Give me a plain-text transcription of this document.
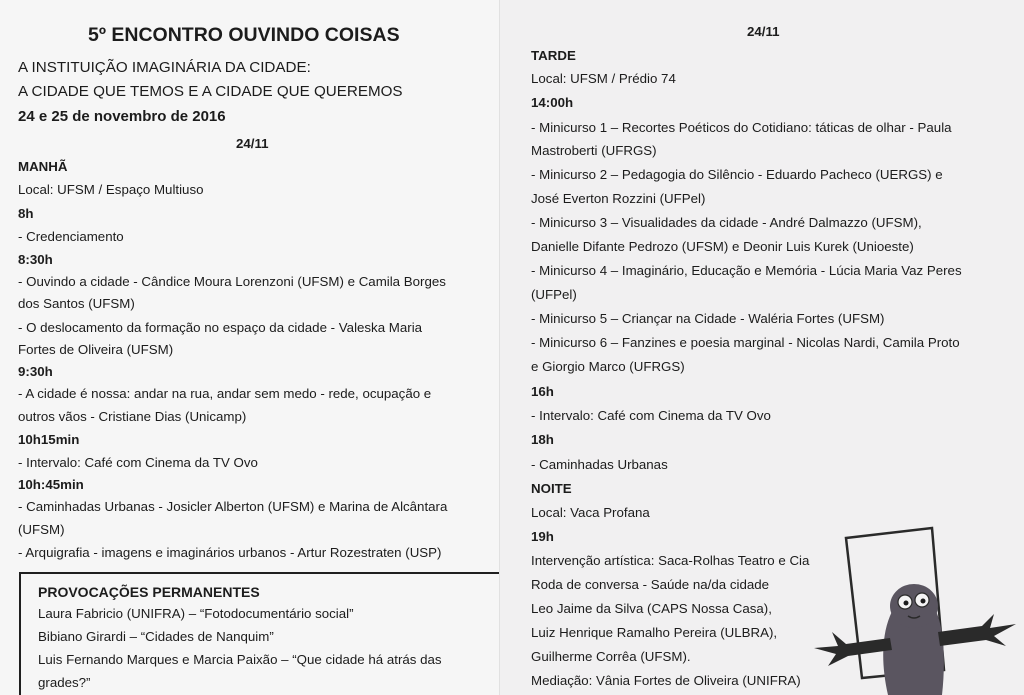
5º ENCONTRO OUVINDO COISAS
A INSTITUIÇÃO IMAGINÁRIA DA CIDADE:
A CIDADE QUE TEMOS E A CIDADE QUE QUEREMOS
24 e 25 de novembro de 2016
24/11
MANHÃ
Local: UFSM / Espaço Multiuso
8h
- Credenciamento
8:30h
- Ouvindo a cidade - Cândice Moura Lorenzoni (UFSM) e Camila Borges
dos Santos (UFSM)
- O deslocamento da formação no espaço da cidade - Valeska Maria
Fortes de Oliveira (UFSM)
9:30h
- A cidade é nossa: andar na rua, andar sem medo - rede, ocupação e
outros vãos - Cristiane Dias (Unicamp)
10h15min
- Intervalo: Café com Cinema da TV Ovo
10h:45min
- Caminhadas Urbanas - Josicler Alberton (UFSM) e Marina de Alcântara
(UFSM)
- Arquigrafia - imagens e imaginários urbanos - Artur Rozestraten (USP)
PROVOCAÇÕES PERMANENTES
Laura Fabricio (UNIFRA) – “Fotodocumentário social”
Bibiano Girardi – “Cidades de Nanquim”
Luis Fernando Marques e Marcia Paixão – “Que cidade há atrás das
grades?”
24/11
TARDE
Local: UFSM / Prédio 74
14:00h
- Minicurso 1 – Recortes Poéticos do Cotidiano: táticas de olhar - Paula
Mastroberti (UFRGS)
- Minicurso 2 – Pedagogia do Silêncio - Eduardo Pacheco (UERGS) e
José Everton Rozzini (UFPel)
- Minicurso 3 – Visualidades da cidade - André Dalmazzo (UFSM),
Danielle Difante Pedrozo (UFSM) e Deonir Luis Kurek (Unioeste)
- Minicurso 4 – Imaginário, Educação e Memória - Lúcia Maria Vaz Peres
(UFPel)
- Minicurso 5 – Criançar na Cidade - Waléria Fortes (UFSM)
- Minicurso 6 – Fanzines e poesia marginal - Nicolas Nardi, Camila Proto
e Giorgio Marco (UFRGS)
16h
- Intervalo: Café com Cinema da TV Ovo
18h
- Caminhadas Urbanas
NOITE
Local: Vaca Profana
19h
Intervenção artística: Saca-Rolhas Teatro e Cia
Roda de conversa - Saúde na/da cidade
Leo Jaime da Silva (CAPS Nossa Casa),
Luiz Henrique Ramalho Pereira (ULBRA),
Guilherme Corrêa (UFSM).
Mediação: Vânia Fortes de Oliveira (UNIFRA)
